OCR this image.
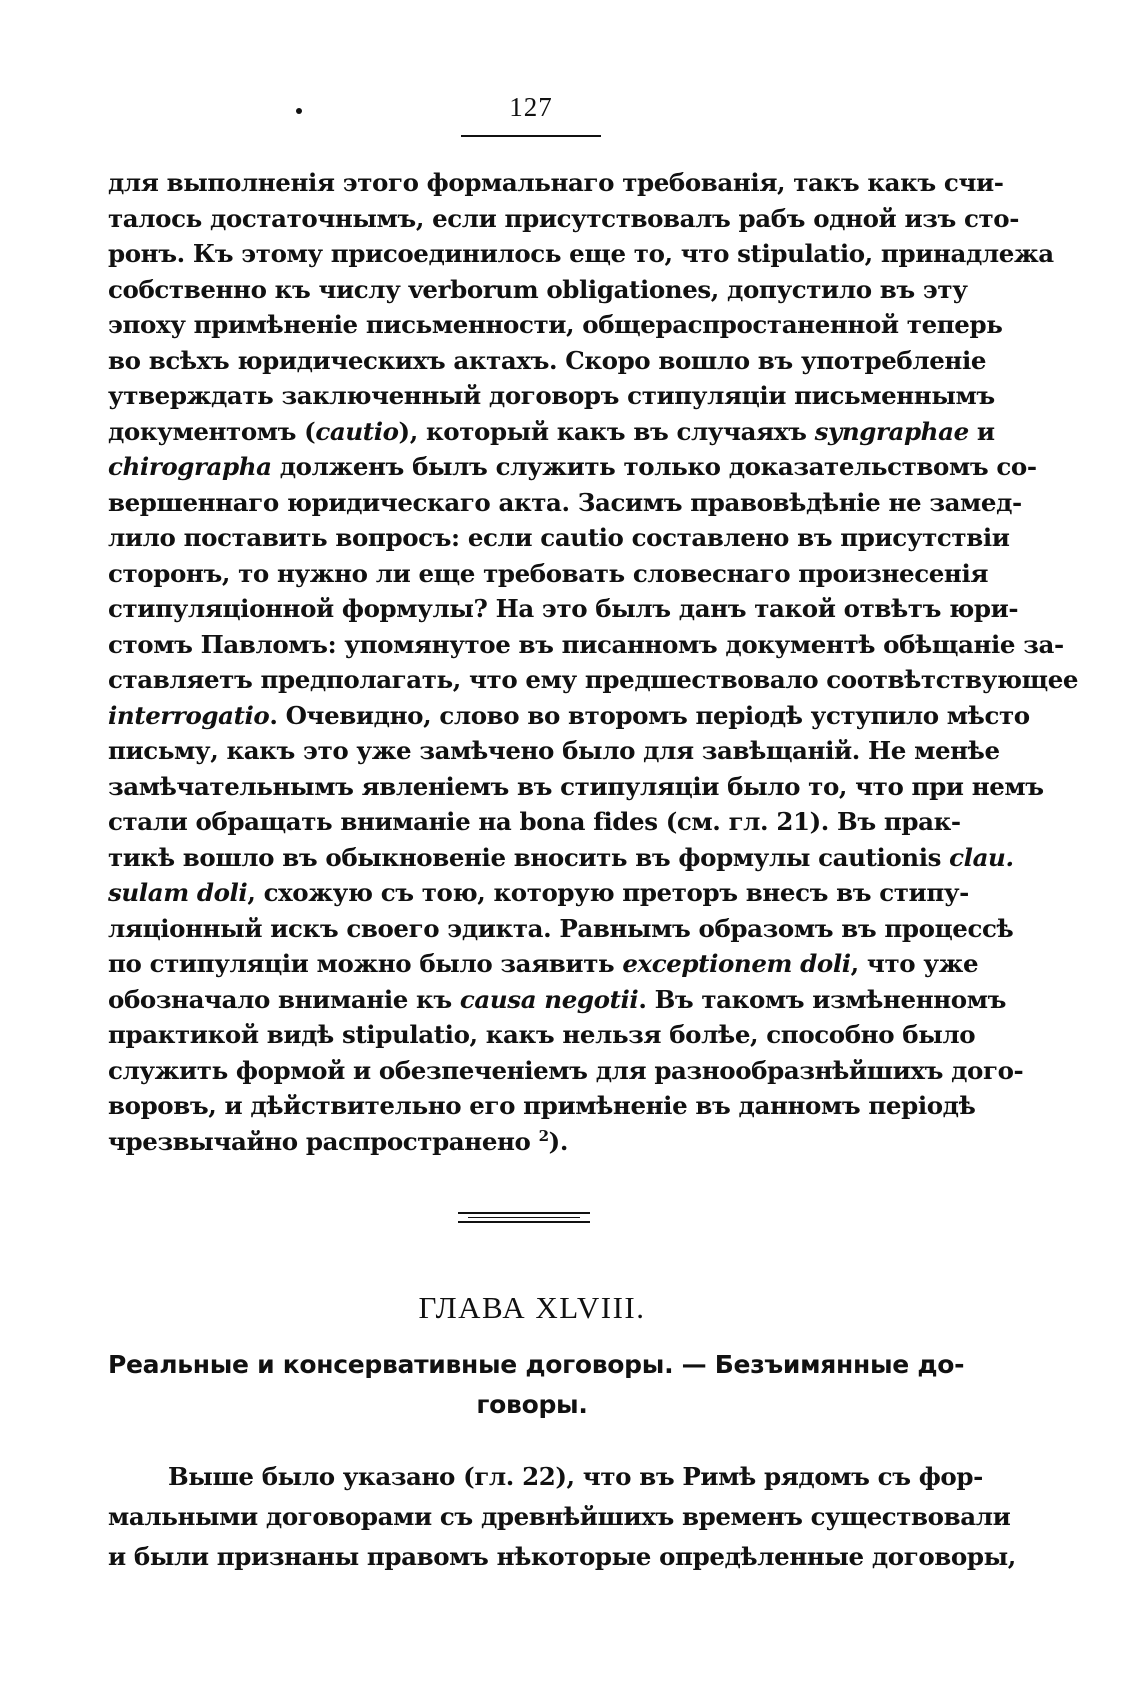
127
для выполненія этого формальнаго требованія, такъ какъ счи-
талось достаточнымъ, если присутствовалъ рабъ одной изъ сто-
ронъ. Къ этому присоединилось еще то, что stipulatio, принадлежа
собственно къ числу verborum obligationes, допустило въ эту
эпоху примѣненіе письменности, общераспростаненной теперь
во всѣхъ юридическихъ актахъ. Скоро вошло въ употребленіе
утверждать заключенный договоръ стипуляціи письменнымъ
документомъ (cautio), который какъ въ случаяхъ syngraphae и
chirographa долженъ былъ служить только доказательствомъ со-
вершеннаго юридическаго акта. Засимъ правовѣдѣніе не замед-
лило поставить вопросъ: если cautio составлено въ присутствіи
сторонъ, то нужно ли еще требовать словеснаго произнесенія
стипуляціонной формулы? На это былъ данъ такой отвѣтъ юри-
стомъ Павломъ: упомянутое въ писанномъ документѣ обѣщаніе за-
ставляетъ предполагать, что ему предшествовало соотвѣтствующее
interrogatio. Очевидно, слово во второмъ періодѣ уступило мѣсто
письму, какъ это уже замѣчено было для завѣщаній. Не менѣе
замѣчательнымъ явленіемъ въ стипуляціи было то, что при немъ
стали обращать вниманіе на bona fides (см. гл. 21). Въ прак-
тикѣ вошло въ обыкновеніе вносить въ формулы cautionis clau.
sulam doli, схожую съ тою, которую преторъ внесъ въ стипу-
ляціонный искъ своего эдикта. Равнымъ образомъ въ процессѣ
по стипуляціи можно было заявить exceptionem doli, что уже
обозначало вниманіе къ causa negotii. Въ такомъ измѣненномъ
практикой видѣ stipulatio, какъ нельзя болѣе, способно было
служить формой и обезпеченіемъ для разнообразнѣйшихъ дого-
воровъ, и дѣйствительно его примѣненіе въ данномъ періодѣ
чрезвычайно распространено $^2$).
ГЛАВА XLVIII.
Реальные и консервативные договоры. — Безъимянные до-
говоры.
Выше было указано (гл. 22), что въ Римѣ рядомъ съ фор-
мальными договорами съ древнѣйшихъ временъ существовали
и были признаны правомъ нѣкоторые опредѣленные договоры,
